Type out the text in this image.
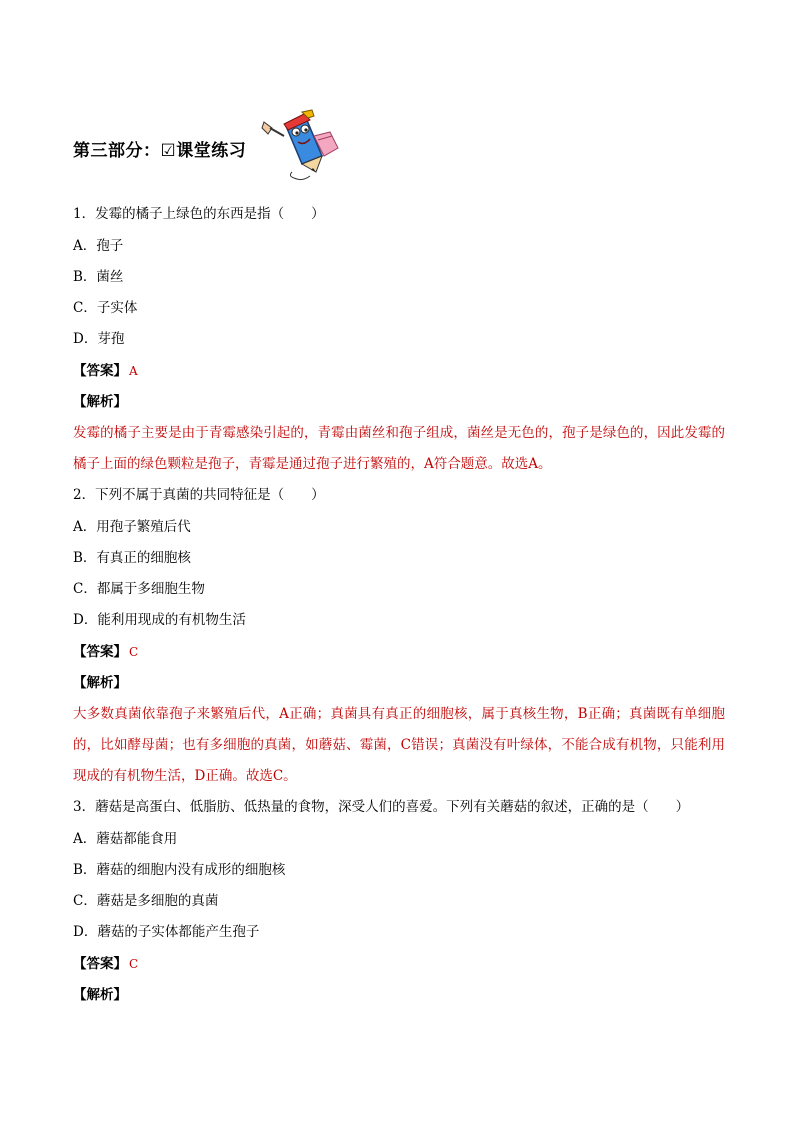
第三部分：☑课堂练习
1．发霉的橘子上绿色的东西是指（　　）
A．孢子
B．菌丝
C．子实体
D．芽孢
【答案】 A
【解析】
发霉的橘子主要是由于青霉感染引起的，青霉由菌丝和孢子组成，菌丝是无色的，孢子是绿色的，因此发霉的橘子上面的绿色颗粒是孢子，青霉是通过孢子进行繁殖的，A符合题意。故选A。
2．下列不属于真菌的共同特征是（　　）
A．用孢子繁殖后代
B．有真正的细胞核
C．都属于多细胞生物
D．能利用现成的有机物生活
【答案】 C
【解析】
大多数真菌依靠孢子来繁殖后代，A正确；真菌具有真正的细胞核，属于真核生物，B正确；真菌既有单细胞的，比如酵母菌；也有多细胞的真菌，如蘑菇、霉菌，C错误；真菌没有叶绿体，不能合成有机物，只能利用现成的有机物生活，D正确。故选C。
3．蘑菇是高蛋白、低脂肪、低热量的食物，深受人们的喜爱。下列有关蘑菇的叙述，正确的是（　　）
A．蘑菇都能食用
B．蘑菇的细胞内没有成形的细胞核
C．蘑菇是多细胞的真菌
D．蘑菇的子实体都能产生孢子
【答案】 C
【解析】
